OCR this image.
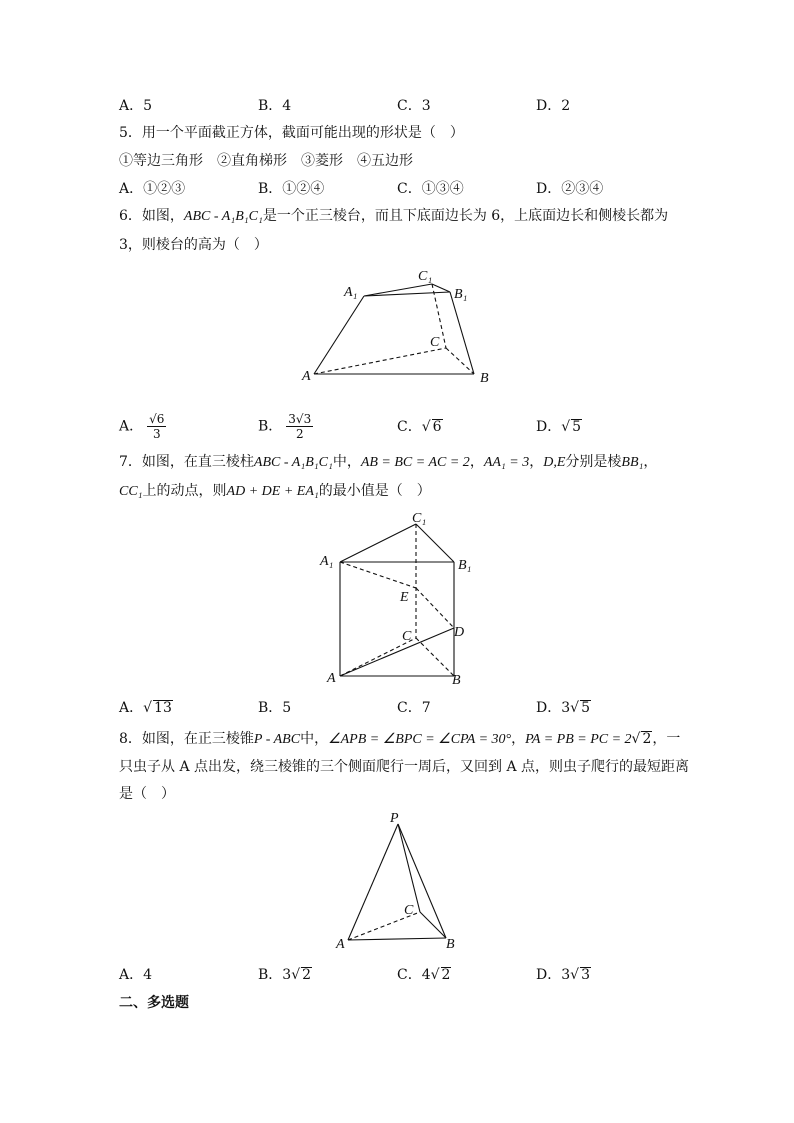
A．5	B．4	C．3	D．2
5．用一个平面截正方体，截面可能出现的形状是（　）
①等边三角形　②直角梯形　③菱形　④五边形
A．①②③	B．①②④	C．①③④	D．②③④
6．如图，ABC - A₁B₁C₁是一个正三棱台，而且下底面边长为 6，上底面边长和侧棱长都为
3，则棱台的高为（　）
A	B
C
A₁	B₁
C₁
A． $\frac{√6}{3}$	B． $\frac{3√3}{2}$	C．√ 6	D．√ 5
7．如图，在直三棱柱ABC - A₁B₁C₁中，AB = BC = AC = 2，AA₁ = 3，D,E分别是棱BB₁，
CC₁上的动点，则AD + DE + EA₁的最小值是（　）
A	B
C
A₁	B₁
C₁
D
E
A．√ 13	B．5	C．7	D．3√ 5
8．如图，在正三棱锥P - ABC中，∠APB = ∠BPC = ∠CPA = 30°，PA = PB = PC = 2√ 2，一
只虫子从 A 点出发，绕三棱锥的三个侧面爬行一周后，又回到 A 点，则虫子爬行的最短距离
是（　）
P
A	B
C
A．4	B．3√ 2	C．4√ 2	D．3√ 3
二、多选题
